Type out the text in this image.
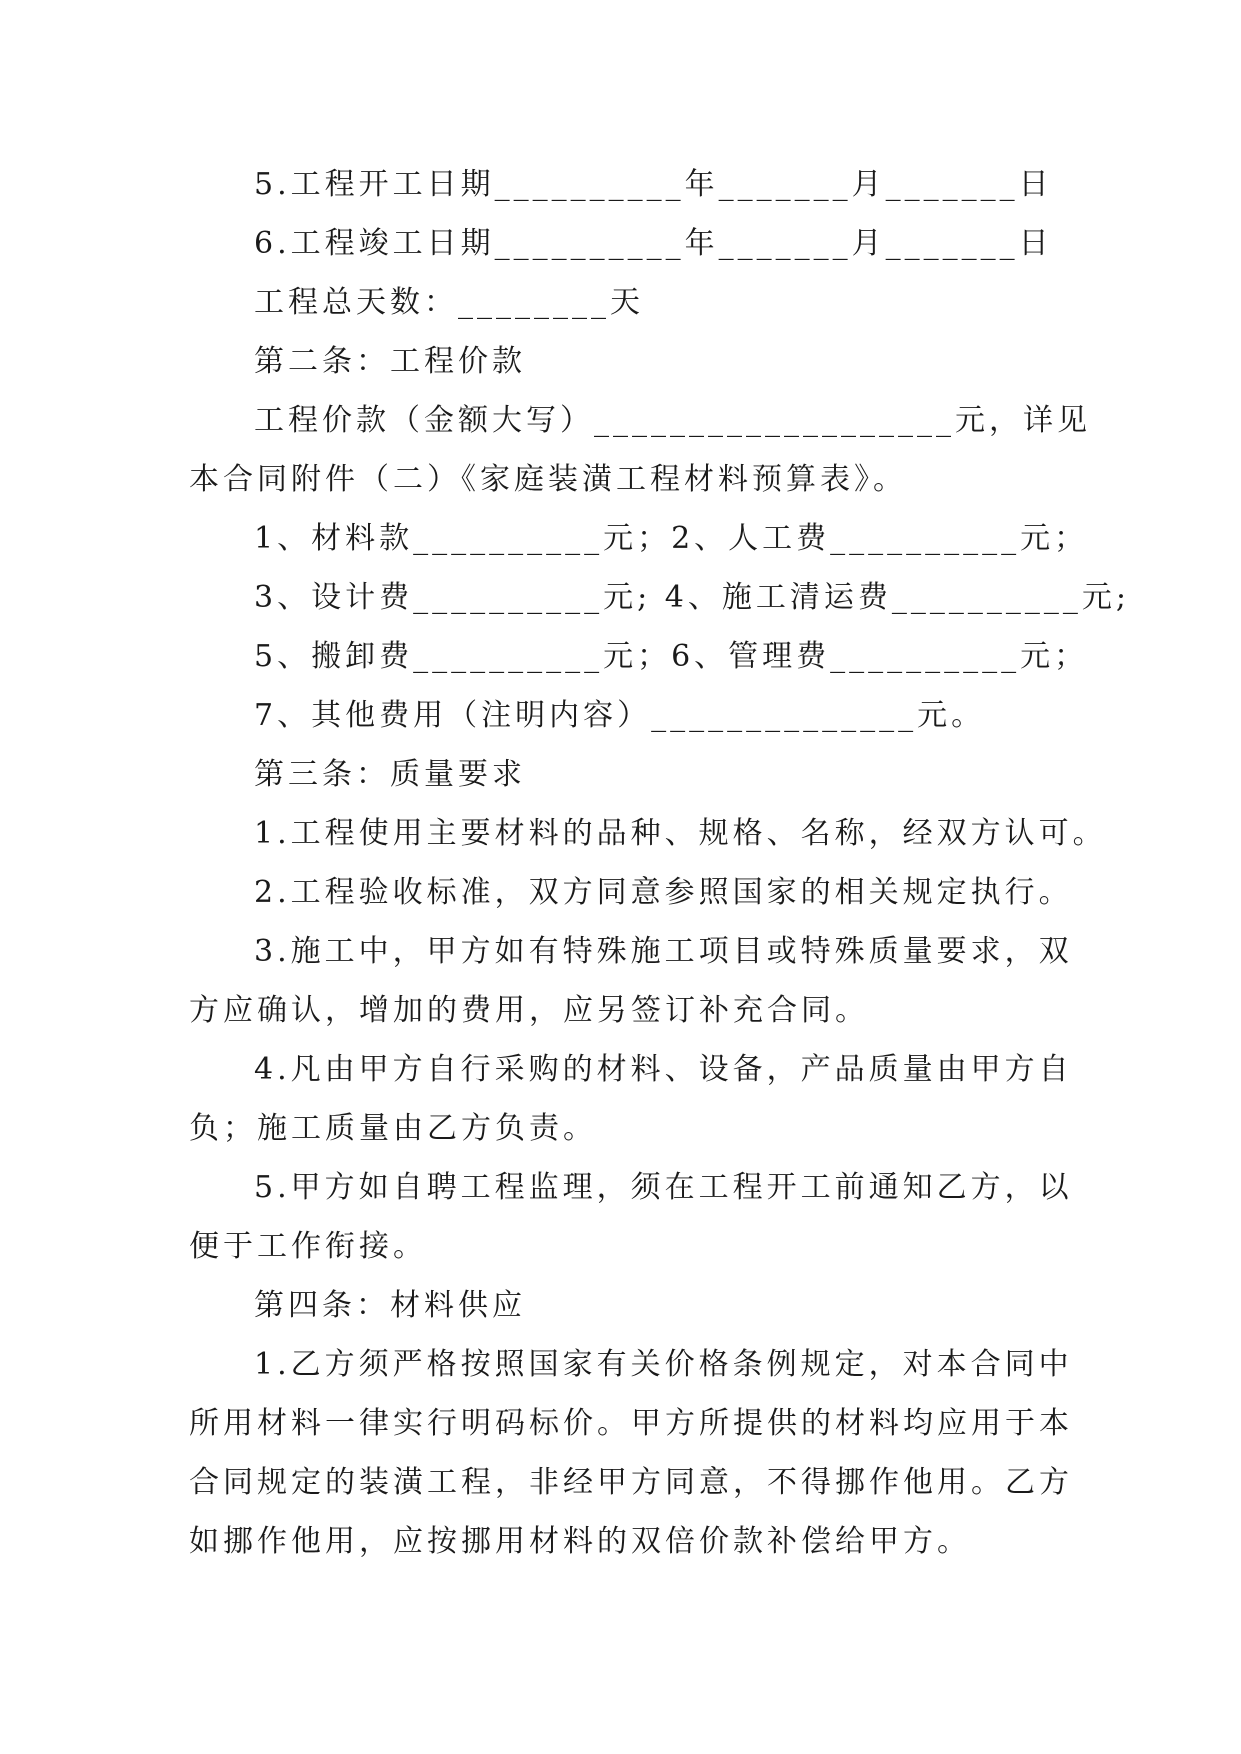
5.工程开工日期__________年_______月_______日
6.工程竣工日期__________年_______月_______日
工程总天数：________天
第二条：工程价款
工程价款（金额大写）___________________元，详见
本合同附件（二）《家庭装潢工程材料预算表》。
1、材料款__________元；2、人工费__________元；
3、设计费__________元; 4、施工清运费__________元;
5、搬卸费__________元；6、管理费__________元；
7、其他费用（注明内容）______________元。
第三条：质量要求
1.工程使用主要材料的品种、规格、名称，经双方认可。
2.工程验收标准，双方同意参照国家的相关规定执行。
3.施工中，甲方如有特殊施工项目或特殊质量要求，双
方应确认，增加的费用，应另签订补充合同。
4.凡由甲方自行采购的材料、设备，产品质量由甲方自
负；施工质量由乙方负责。
5.甲方如自聘工程监理，须在工程开工前通知乙方，以
便于工作衔接。
第四条：材料供应
1.乙方须严格按照国家有关价格条例规定，对本合同中
所用材料一律实行明码标价。甲方所提供的材料均应用于本
合同规定的装潢工程，非经甲方同意，不得挪作他用。乙方
如挪作他用，应按挪用材料的双倍价款补偿给甲方。
